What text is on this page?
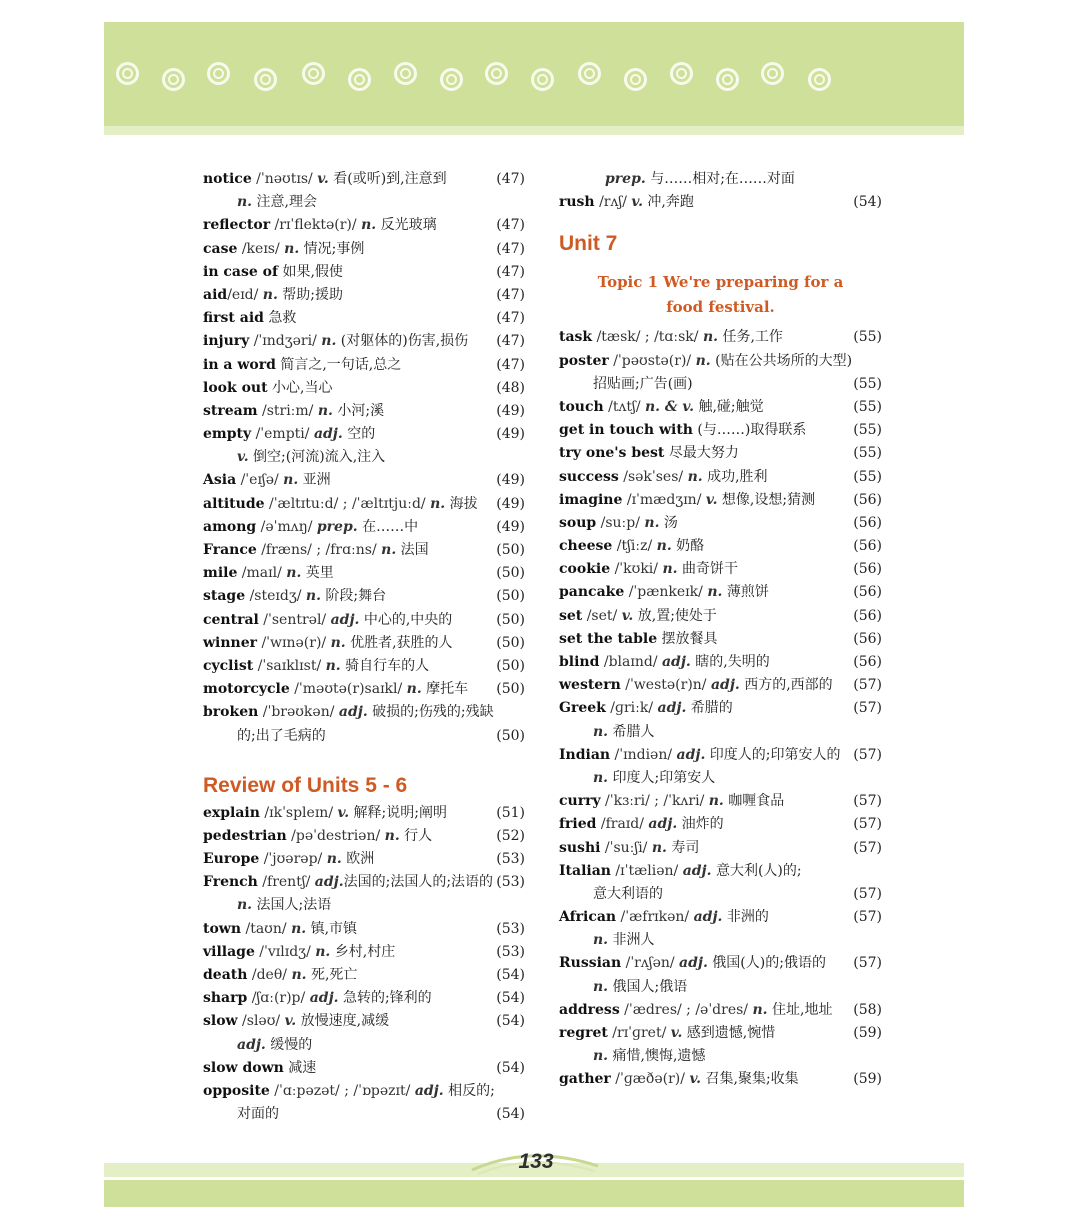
notice /ˈnəʊtɪs/ v. 看(或听)到,注意到	(47)
n. 注意,理会
reflector /rɪˈflektə(r)/ n. 反光玻璃	(47)
case /keɪs/ n. 情况;事例	(47)
in case of 如果,假使	(47)
aid/eɪd/ n. 帮助;援助	(47)
first aid 急救	(47)
injury /ˈɪndʒəri/ n. (对躯体的)伤害,损伤 (47)
in a word 简言之,一句话,总之	(47)
look out 小心,当心	(48)
stream /striːm/ n. 小河;溪	(49)
empty /ˈempti/ adj. 空的	(49)
v. 倒空;(河流)流入,注入
Asia /ˈeɪʃə/ n. 亚洲	(49)
altitude /ˈæltɪtuːd/ ; /ˈæltɪtjuːd/ n. 海拔 (49)
among /əˈmʌŋ/ prep. 在……中	(49)
France /fræns/ ; /frɑːns/ n. 法国	(50)
mile /maɪl/ n. 英里	(50)
stage /steɪdʒ/ n. 阶段;舞台	(50)
central /ˈsentrəl/ adj. 中心的,中央的	(50)
winner /ˈwɪnə(r)/ n. 优胜者,获胜的人	(50)
cyclist /ˈsaɪklɪst/ n. 骑自行车的人	(50)
motorcycle /ˈməʊtə(r)saɪkl/ n. 摩托车 (50)
broken /ˈbrəʊkən/ adj. 破损的;伤残的;残缺
的;出了毛病的	(50)
Review of Units 5 - 6
explain /ɪkˈspleɪn/ v. 解释;说明;阐明	(51)
pedestrian /pəˈdestriən/ n. 行人	(52)
Europe /ˈjʊərəp/ n. 欧洲	(53)
French /frentʃ/ adj.法国的;法国人的;法语的 (53)
n. 法国人;法语
town /taʊn/ n. 镇,市镇	(53)
village /ˈvɪlɪdʒ/ n. 乡村,村庄	(53)
death /deθ/ n. 死,死亡	(54)
sharp /ʃɑː(r)p/ adj. 急转的;锋利的	(54)
slow /sləʊ/ v. 放慢速度,减缓	(54)
adj. 缓慢的
slow down 减速	(54)
opposite /ˈɑːpəzət/ ; /ˈɒpəzɪt/ adj. 相反的;
对面的	(54)
prep. 与……相对;在……对面
rush /rʌʃ/ v. 冲,奔跑	(54)
Unit 7
Topic 1 We're preparing for a
food festival.
task /tæsk/ ; /tɑːsk/ n. 任务,工作	(55)
poster /ˈpəʊstə(r)/ n. (贴在公共场所的大型)
招贴画;广告(画)	(55)
touch /tʌtʃ/ n. & v. 触,碰;触觉	(55)
get in touch with (与……)取得联系	(55)
try one's best 尽最大努力	(55)
success /səkˈses/ n. 成功,胜利	(55)
imagine /ɪˈmædʒɪn/ v. 想像,设想;猜测	(56)
soup /suːp/ n. 汤	(56)
cheese /tʃiːz/ n. 奶酪	(56)
cookie /ˈkʊki/ n. 曲奇饼干	(56)
pancake /ˈpænkeɪk/ n. 薄煎饼	(56)
set /set/ v. 放,置;使处于	(56)
set the table 摆放餐具	(56)
blind /blaɪnd/ adj. 瞎的,失明的	(56)
western /ˈwestə(r)n/ adj. 西方的,西部的 (57)
Greek /ɡriːk/ adj. 希腊的	(57)
n. 希腊人
Indian /ˈɪndiən/ adj. 印度人的;印第安人的 (57)
n. 印度人;印第安人
curry /ˈkɜːri/ ; /ˈkʌri/ n. 咖喱食品	(57)
fried /fraɪd/ adj. 油炸的	(57)
sushi /ˈsuːʃi/ n. 寿司	(57)
Italian /ɪˈtæliən/ adj. 意大利(人)的;
意大利语的	(57)
African /ˈæfrɪkən/ adj. 非洲的	(57)
n. 非洲人
Russian /ˈrʌʃən/ adj. 俄国(人)的;俄语的 (57)
n. 俄国人;俄语
address /ˈædres/ ; /əˈdres/ n. 住址,地址 (58)
regret /rɪˈɡret/ v. 感到遗憾,惋惜	(59)
n. 痛惜,懊悔,遗憾
gather /ˈɡæðə(r)/ v. 召集,聚集;收集	(59)
133
